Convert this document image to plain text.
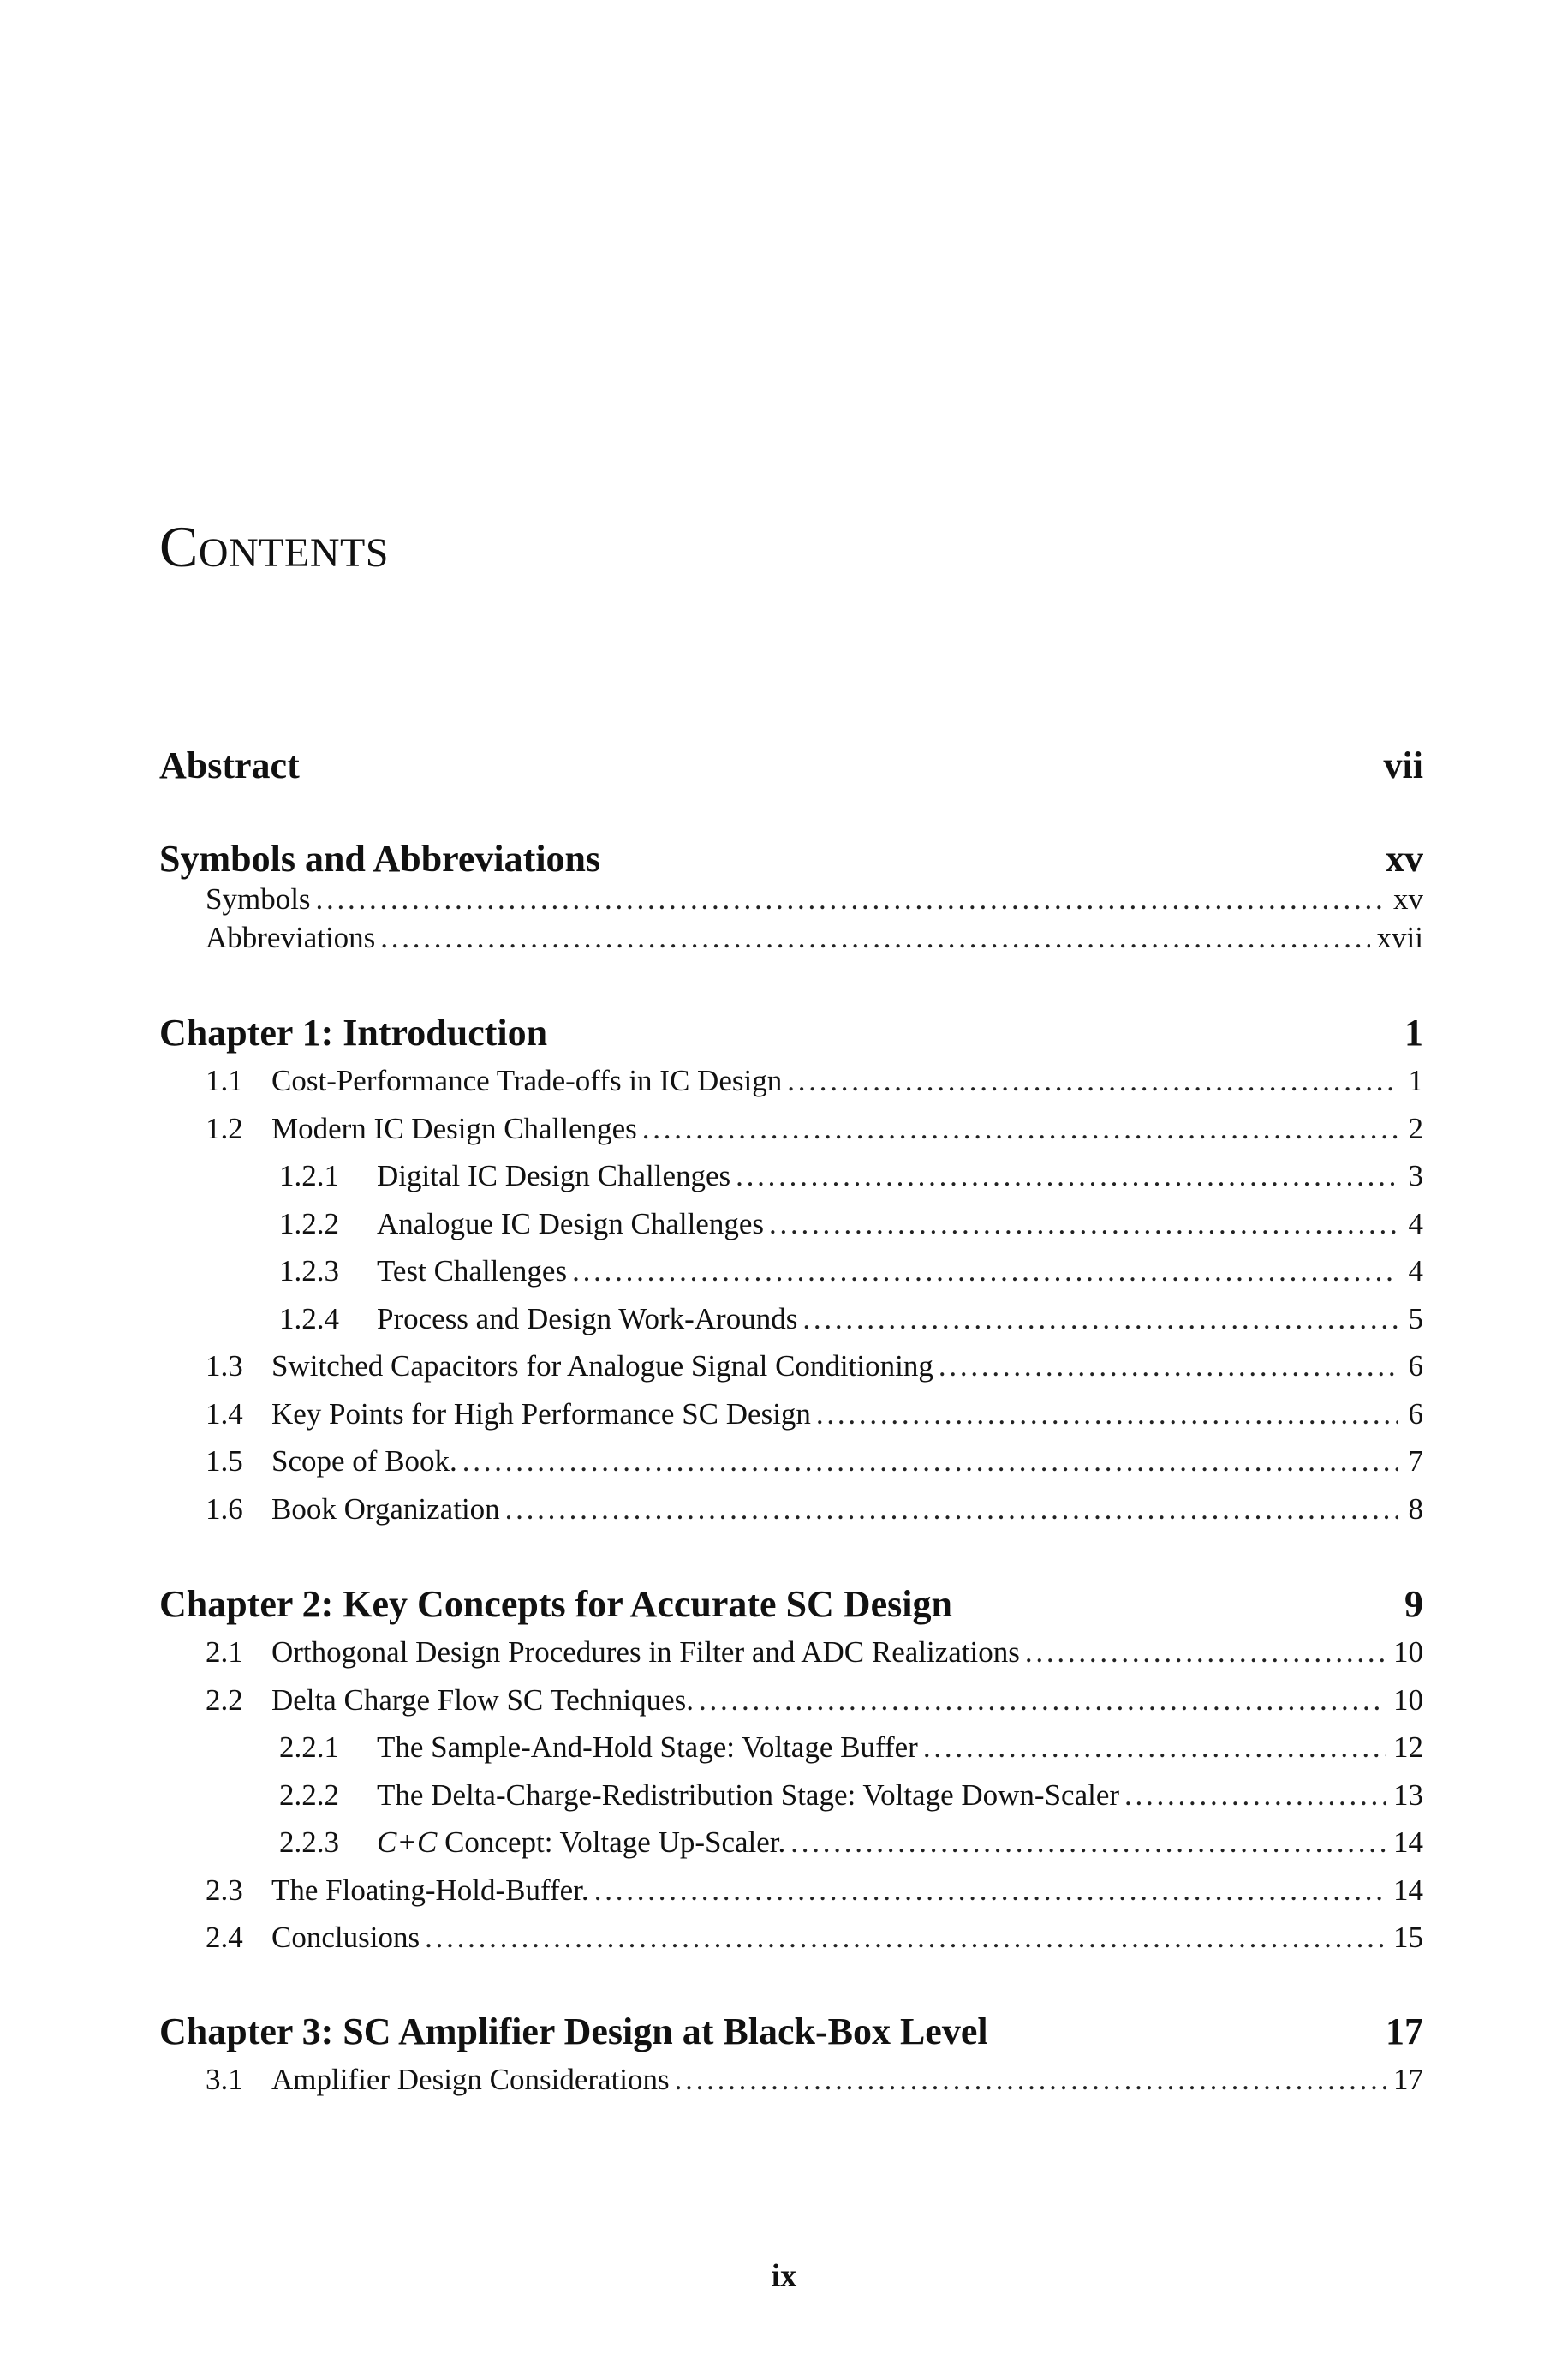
Contents
Abstract	vii
Symbols and Abbreviations	xv
Symbols . . .	xv
Abbreviations . . .	xvii
Chapter 1: Introduction	1
1.1 Cost-Performance Trade-offs in IC Design . . .	1
1.2 Modern IC Design Challenges . . .	2
1.2.1	Digital IC Design Challenges . . .	3
1.2.2	Analogue IC Design Challenges . . .	4
1.2.3	Test Challenges . . .	4
1.2.4	Process and Design Work-Arounds . . .	5
1.3 Switched Capacitors for Analogue Signal Conditioning . . .	6
1.4 Key Points for High Performance SC Design . . .	6
1.5 Scope of Book. . . .	7
1.6 Book Organization . . .	8
Chapter 2: Key Concepts for Accurate SC Design	9
2.1 Orthogonal Design Procedures in Filter and ADC Realizations . . .	10
2.2 Delta Charge Flow SC Techniques. . . .	10
2.2.1	The Sample-And-Hold Stage: Voltage Buffer . . .	12
2.2.2	The Delta-Charge-Redistribution Stage: Voltage Down-Scaler . . .	13
2.2.3	C+C Concept: Voltage Up-Scaler. . . .	14
2.3 The Floating-Hold-Buffer. . . .	14
2.4 Conclusions . . .	15
Chapter 3: SC Amplifier Design at Black-Box Level	17
3.1 Amplifier Design Considerations . . .	17
ix
